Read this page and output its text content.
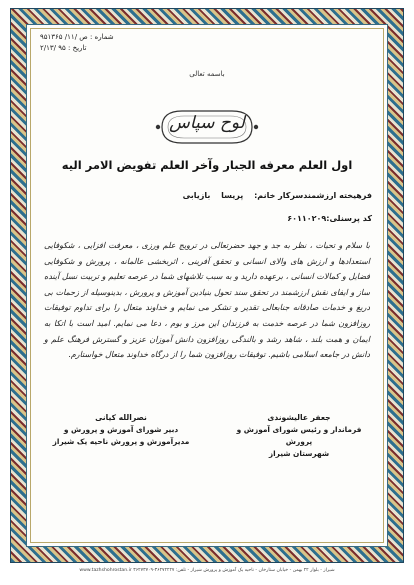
شماره : ص /۱۱/ ۹۵۱۳۶۵
تاریخ : ۹۵ /۲/۱۳
باسمه تعالی
لوح سپاس
اول العلم معرفه الجبار وآخر العلم تفویض الامر الیه
فرهیخته ارزشمندسرکار خانم: پریسا بازیابی
کد پرسنلی:۶۰۱۱۰۲۰۹
با سلام و تحیات ، نظر به جد و جهد حضرتعالی در ترویج علم ورزی ، معرفت افزایی ، شکوفایی استعدادها و ارزش های والای انسانی و تحقق آفرینی ، اثربخشی عالمانه ، پرورش و شکوفایی فضایل و کمالات انسانی ، برعهده دارید و به سبب تلاشهای شما در عرصه تعلیم و تربیت نسل آینده ساز و ایفای نقش ارزشمند در تحقق سند تحول بنیادین آموزش و پرورش ، بدینوسیله از زحمات بی دریغ و خدمات صادقانه جنابعالی تقدیر و تشکر می نمایم و خداوند متعال را برای تداوم توفیقات روزافزون شما در عرصه خدمت به فرزندان این مرز و بوم ، دعا می نمایم. امید است با اتکا به ایمان و همت بلند ، شاهد رشد و بالندگی روزافزون دانش آموزان عزیز و گسترش فرهنگ علم و دانش در جامعه اسلامی باشیم. توفیقات روزافزون شما را از درگاه خداوند متعال خواستارم.
جعفر عالیشوندی
فرماندار و رئیس شورای آموزش و پرورش
شهرستان شیراز
نصرالله کیانی
دبیر شورای آموزش و پرورش و
مدیرآموزش و پرورش ناحیه یک شیراز
شیراز - بلوار ۲۲ بهمن - خیابان ستارخان - ناحیه یک آموزش و پرورش شیراز - تلفن: ۳۶۲۷۲۲۲۷-۳۶۲۷۳۷۰۹ www.tazhshohrostan.ir
